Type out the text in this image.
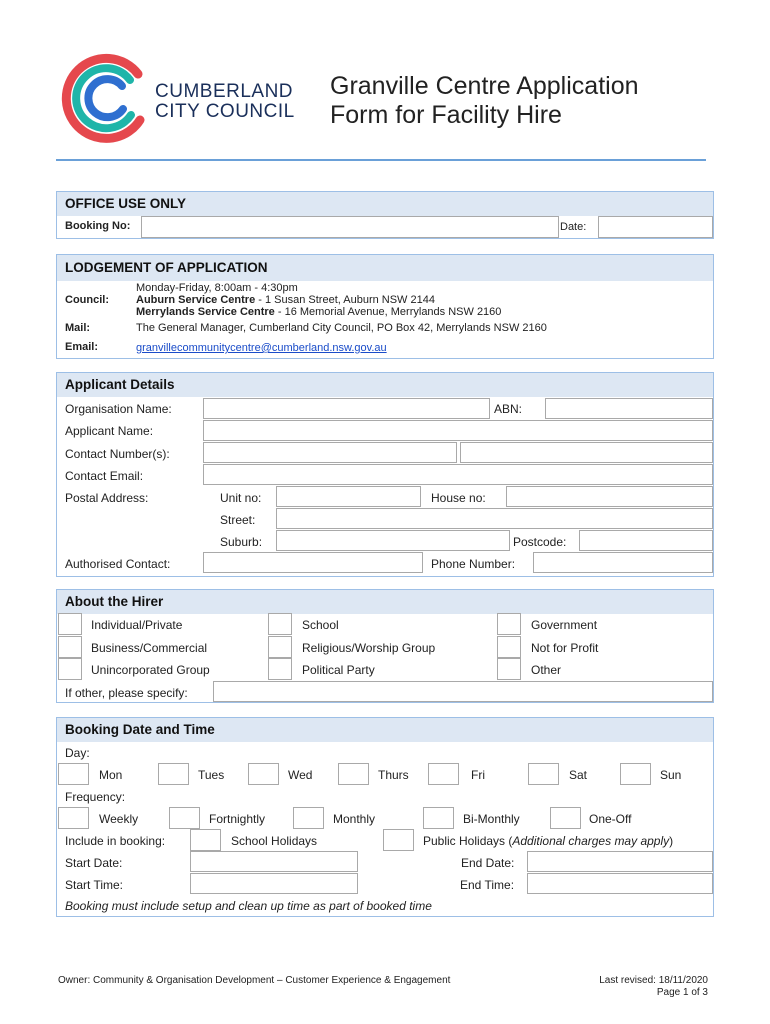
CUMBERLAND
CITY COUNCIL
Granville Centre Application
Form for Facility Hire
OFFICE USE ONLY
Booking No:	Date:
LODGEMENT OF APPLICATION
Council:
Monday-Friday, 8:00am - 4:30pm
Auburn Service Centre - 1 Susan Street, Auburn NSW 2144
Merrylands Service Centre - 16 Memorial Avenue, Merrylands NSW 2160
Mail:	The General Manager, Cumberland City Council, PO Box 42, Merrylands NSW 2160
Email:	granvillecommunitycentre@cumberland.nsw.gov.au
Applicant Details
Organisation Name:	ABN:
Applicant Name:
Contact Number(s):
Contact Email:
Postal Address:	Unit no:	House no:
Street:
Suburb:	Postcode:
Authorised Contact:	Phone Number:
About the Hirer
Individual/Private	School	Government
Business/Commercial	Religious/Worship Group	Not for Profit
Unincorporated Group	Political Party	Other
If other, please specify:
Booking Date and Time
Day:
Mon	Tues	Wed	Thurs	Fri	Sat	Sun
Frequency:
Weekly	Fortnightly	Monthly	Bi-Monthly	One-Off
Include in booking:	School Holidays	Public Holidays (Additional charges may apply)
Start Date:	End Date:
Start Time:	End Time:
Booking must include setup and clean up time as part of booked time
Owner: Community & Organisation Development – Customer Experience & Engagement	Last revised: 18/11/2020
Page 1 of 3
